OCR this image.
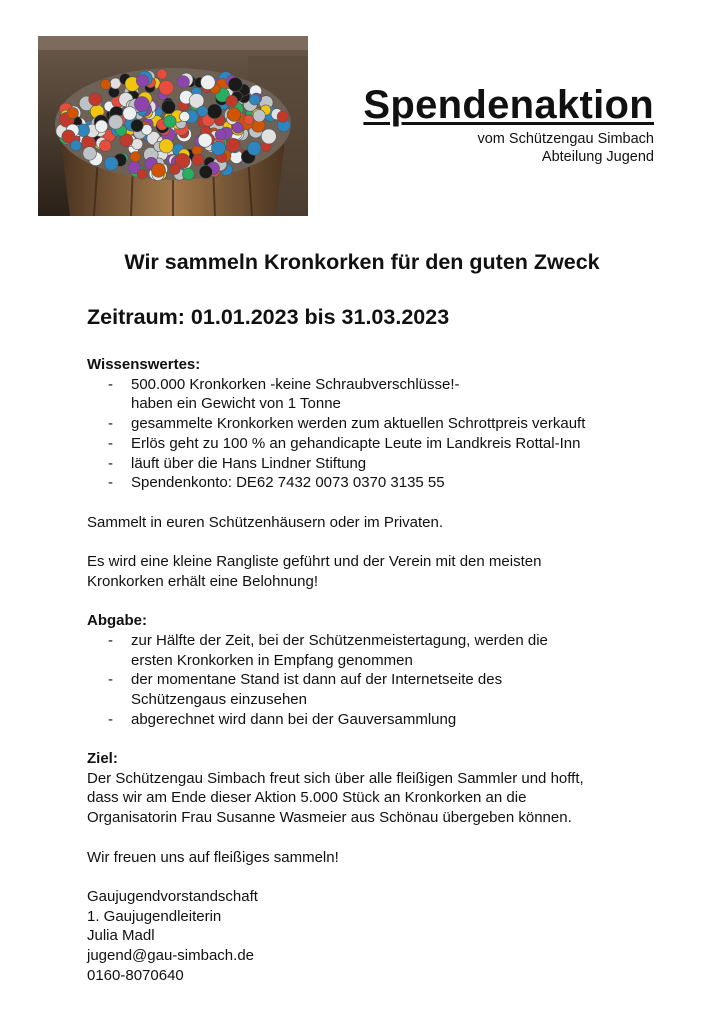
Spendenaktion
vom Schützengau Simbach
Abteilung Jugend
Wir sammeln Kronkorken für den guten Zweck
Zeitraum: 01.01.2023 bis 31.03.2023

Wissenswertes:

- 500.000 Kronkorken -keine Schraubverschlüsse!-
haben ein Gewicht von 1 Tonne
- gesammelte Kronkorken werden zum aktuellen Schrottpreis verkauft
- Erlös geht zu 100 % an gehandicapte Leute im Landkreis Rottal-Inn
- läuft über die Hans Lindner Stiftung
- Spendenkonto: DE62 7432 0073 0370 3135 55

Sammelt in euren Schützenhäusern oder im Privaten.

Es wird eine kleine Rangliste geführt und der Verein mit den meisten

Kronkorken erhält eine Belohnung!

Abgabe:

- zur Hälfte der Zeit, bei der Schützenmeistertagung, werden die
ersten Kronkorken in Empfang genommen
- der momentane Stand ist dann auf der Internetseite des
Schützengaus einzusehen
- abgerechnet wird dann bei der Gauversammlung

Ziel:

Der Schützengau Simbach freut sich über alle fleißigen Sammler und hofft,

dass wir am Ende dieser Aktion 5.000 Stück an Kronkorken an die

Organisatorin Frau Susanne Wasmeier aus Schönau übergeben können.

Wir freuen uns auf fleißiges sammeln!

Gaujugendvorstandschaft

1. Gaujugendleiterin

Julia Madl

jugend@gau-simbach.de

0160-8070640
